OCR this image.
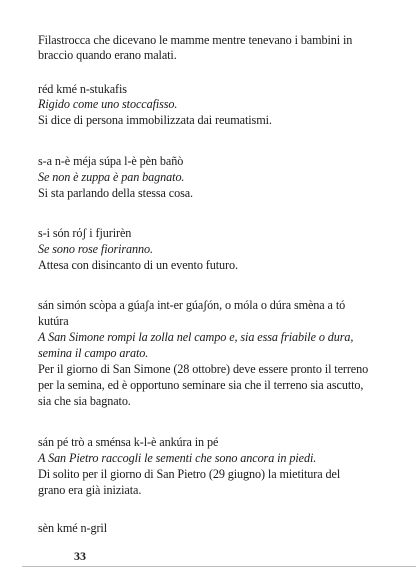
Filastrocca che dicevano le mamme mentre tenevano i bambini in
braccio quando erano malati.
réd kmé n-stukafis
Rigido come uno stoccafisso.
Si dice di persona immobilizzata dai reumatismi.
s-a n-è méja súpa l-è pèn bañò
Se non è zuppa è pan bagnato.
Si sta parlando della stessa cosa.
s-i són rόʃ i fjurirèn
Se sono rose fioriranno.
Attesa con disincanto di un evento futuro.
sán simón scὸpa a gúaʃa int-er gúaʃón, o móla o dúra smèna a tó
kutúra
A San Simone rompi la zolla nel campo e, sia essa friabile o dura,
semina il campo arato.
Per il giorno di San Simone (28 ottobre) deve essere pronto il terreno
per la semina, ed è opportuno seminare sia che il terreno sia ascutto,
sia che sia bagnato.
sán pé trò a sménsa k-l-è ankúra in pé
A San Pietro raccogli le sementi che sono ancora in piedi.
Di solito per il giorno di San Pietro (29 giugno) la mietitura del
grano era già iniziata.
sèn kmé n-gril
33
